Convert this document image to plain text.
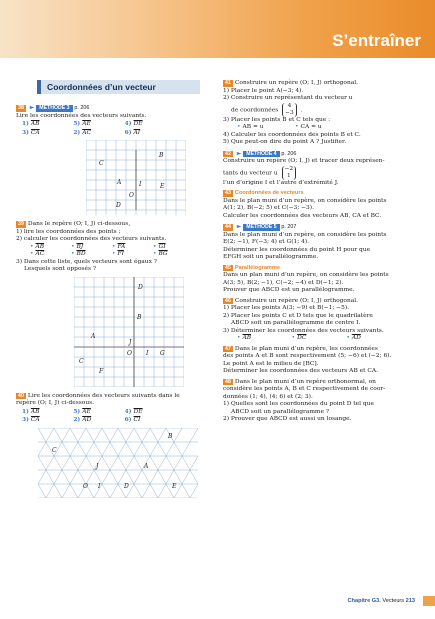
S’entraîner
Coordonnées d’un vecteur
38 ► MÉTHODE 3 p. 206
Lire les coordonnées des vecteurs suivants.
1) $\overline{AB}$	5) $\overline{AE}$	4) $\overline{DE}$
3) $\overline{CA}$	2) $\overline{AC}$	6) $\overline{AI}$
C
B
A	I	E
O
D
39 Dans le repère (O; I, J) ci-dessous,
1) lire les coordonnées des points ;
2) calculer les coordonnées des vecteurs suivants.
• $\overline{AB}$	• $\overline{BJ}$	• $\overline{FA}$	• $\overline{GI}$
• $\overline{AC}$	• $\overline{BD}$	• $\overline{FI}$	• $\overline{BG}$
3) Dans cette liste, quels vecteurs sont égaux ?
Lesquels sont opposés ?
D
B
A
J
C
O I G
F
40 Lire les coordonnées des vecteurs suivants dans le
repère (O; I, J) ci-dessous.
1) $\overline{AB}$	5) $\overline{AE}$	4) $\overline{DE}$
3) $\overline{CA}$	2) $\overline{AD}$	6) $\overline{CI}$
B
C
A
J
O I	D	E
41 Construire un repère (O; I, J) orthogonal.
1) Placer le point A(−3; 4).
2) Construire un représentant du vecteur u
de coordonnées 4
−3 .
3) Placer les points B et C tels que :
• AB = u	• CA = u
4) Calculer les coordonnées des points B et C.
5) Que peut-on dire du point A ? Justifier.
42 ► MÉTHODE 4 p. 206
Construire un repère (O; I, J) et tracer deux représen-
tants du vecteur u −2
1
l’un d’origine I et l’autre d’extrémité J.
43 Coordonnées de vecteurs
Dans le plan muni d’un repère, on considère les points
A(1; 2), B(−2; 5) et C(−3; −3).
Calculer les coordonnées des vecteurs AB, CA et BC.
44 ► MÉTHODE 5 p. 207
Dans le plan muni d’un repère, on considère les points
E(2; −1), F(−3; 4) et G(1; 4).
Déterminer les coordonnées du point H pour que
EFGH soit un parallélogramme.
45 Parallélogramme
Dans un plan muni d’un repère, on considère les points
A(3; 5), B(2; −1), C(−2; −4) et D(−1; 2).
Prouver que ABCD est un parallélogramme.
46 Construire un repère (O; I, J) orthogonal.
1) Placer les points A(3; −9) et B(−1; −5).
2) Placer les points C et D tels que le quadrilatère
ABCD soit un parallélogramme de centre I.
3) Déterminer les coordonnées des vecteurs suivants.
• $\overline{AB}$	• $\overline{DC}$	• $\overline{AD}$
47 Dans le plan muni d’un repère, les coordonnées
des points A et B sont respectivement (5; −6) et (−2; 6).
Le point A est le milieu de [BC].
Déterminer les coordonnées des vecteurs AB et CA.
48 Dans le plan muni d’un repère orthonormal, on
considère les points A, B et C respectivement de coor-
données (1; 4), (4; 6) et (2; 3).
1) Quelles sont les coordonnées du point D tel que
ABCD soit un parallélogramme ?
2) Prouver que ABCD est aussi un losange.
Chapitre G3. Vecteurs 213
